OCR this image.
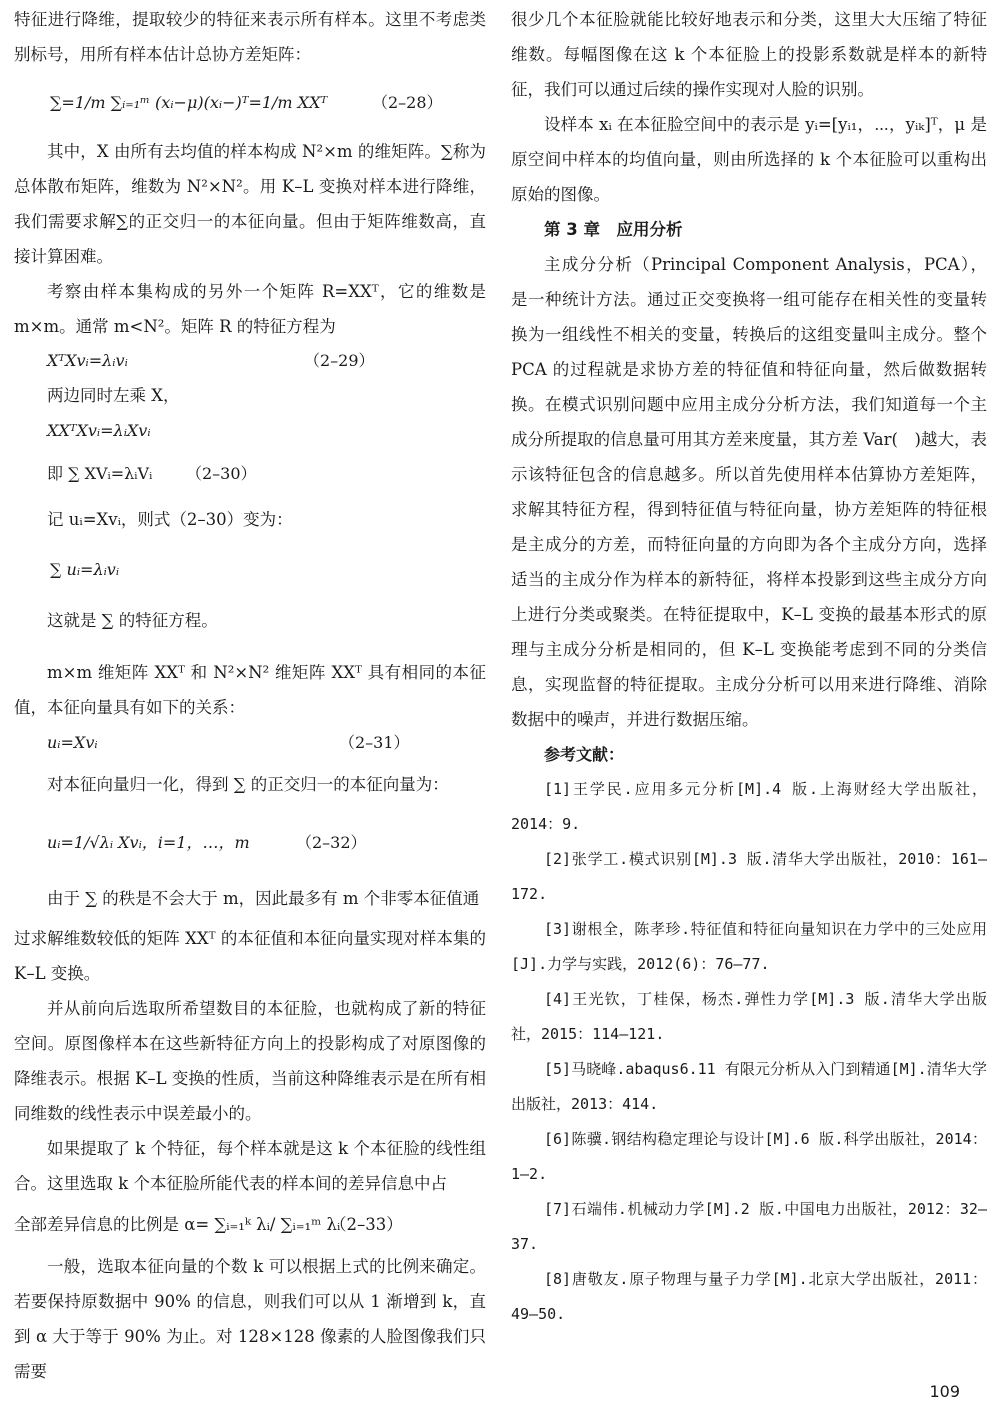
特征进行降维，提取较少的特征来表示所有样本。这里不考虑类别标号，用所有样本估计总协方差矩阵：

∑=1/m ∑ᵢ₌₁ᵐ (xᵢ−μ)(xᵢ−)ᵀ=1/m XXᵀ	（2–28）

其中，X 由所有去均值的样本构成 N²×m 的维矩阵。∑称为总体散布矩阵，维数为 N²×N²。用 K–L 变换对样本进行降维，我们需要求解∑的正交归一的本征向量。但由于矩阵维数高，直接计算困难。

考察由样本集构成的另外一个矩阵 R=XXᵀ，它的维数是 m×m。通常 m<N²。矩阵 R 的特征方程为

XᵀXvᵢ=λᵢvᵢ	（2–29）

两边同时左乘 X，

XXᵀXvᵢ=λᵢXvᵢ
即 ∑ XVᵢ=λᵢVᵢ （2–30）

记 uᵢ=Xvᵢ，则式（2–30）变为：

∑ uᵢ=λᵢvᵢ

这就是 ∑ 的特征方程。

m×m 维矩阵 XXᵀ 和 N²×N² 维矩阵 XXᵀ 具有相同的本征值，本征向量具有如下的关系：

uᵢ=Xvᵢ	（2–31）

对本征向量归一化，得到 ∑ 的正交归一的本征向量为：

uᵢ=1/√λᵢ Xvᵢ，i=1，…，m	（2–32）

由于 ∑ 的秩是不会大于 m，因此最多有 m 个非零本征值通

过求解维数较低的矩阵 XXᵀ 的本征值和本征向量实现对样本集的 K–L 变换。

并从前向后选取所希望数目的本征脸，也就构成了新的特征空间。原图像样本在这些新特征方向上的投影构成了对原图像的降维表示。根据 K–L 变换的性质，当前这种降维表示是在所有相同维数的线性表示中误差最小的。

如果提取了 k 个特征，每个样本就是这 k 个本征脸的线性组合。这里选取 k 个本征脸所能代表的样本间的差异信息中占

全部差异信息的比例是 α= ∑ᵢ₌₁ᵏ λᵢ/ ∑ᵢ₌₁ᵐ λᵢ
（2–33）

一般，选取本征向量的个数 k 可以根据上式的比例来确定。若要保持原数据中 90% 的信息，则我们可以从 1 渐增到 k，直到 α 大于等于 90% 为止。对 128×128 像素的人脸图像我们只需要

很少几个本征脸就能比较好地表示和分类，这里大大压缩了特征维数。每幅图像在这 k 个本征脸上的投影系数就是样本的新特征，我们可以通过后续的操作实现对人脸的识别。

设样本 xᵢ 在本征脸空间中的表示是 yᵢ=[yᵢ₁，⋯，yᵢₖ]ᵀ，μ 是原空间中样本的均值向量，则由所选择的 k 个本征脸可以重构出原始的图像。

第 3 章　应用分析

主成分分析（Principal Component Analysis，PCA），是一种统计方法。通过正交变换将一组可能存在相关性的变量转换为一组线性不相关的变量，转换后的这组变量叫主成分。整个 PCA 的过程就是求协方差的特征值和特征向量，然后做数据转换。在模式识别问题中应用主成分分析方法，我们知道每一个主成分所提取的信息量可用其方差来度量，其方差 Var(　)越大，表示该特征包含的信息越多。所以首先使用样本估算协方差矩阵，求解其特征方程，得到特征值与特征向量，协方差矩阵的特征根是主成分的方差，而特征向量的方向即为各个主成分方向，选择适当的主成分作为样本的新特征，将样本投影到这些主成分方向上进行分类或聚类。在特征提取中，K–L 变换的最基本形式的原理与主成分分析是相同的，但 K–L 变换能考虑到不同的分类信息，实现监督的特征提取。主成分分析可以用来进行降维、消除数据中的噪声，并进行数据压缩。

参考文献：

[1]王学民.应用多元分析[M].4 版.上海财经大学出版社，2014：9.

[2]张学工.模式识别[M].3 版.清华大学出版社，2010：161–172.

[3]谢根全，陈孝珍.特征值和特征向量知识在力学中的三处应用[J].力学与实践，2012(6)：76–77.

[4]王光钦，丁桂保，杨杰.弹性力学[M].3 版.清华大学出版社，2015：114–121.

[5]马晓峰.abaqus6.11 有限元分析从入门到精通[M].清华大学出版社，2013：414.

[6]陈骥.钢结构稳定理论与设计[M].6 版.科学出版社，2014：1–2.

[7]石端伟.机械动力学[M].2 版.中国电力出版社，2012：32–37.

[8]唐敬友.原子物理与量子力学[M].北京大学出版社，2011：49–50.

109
